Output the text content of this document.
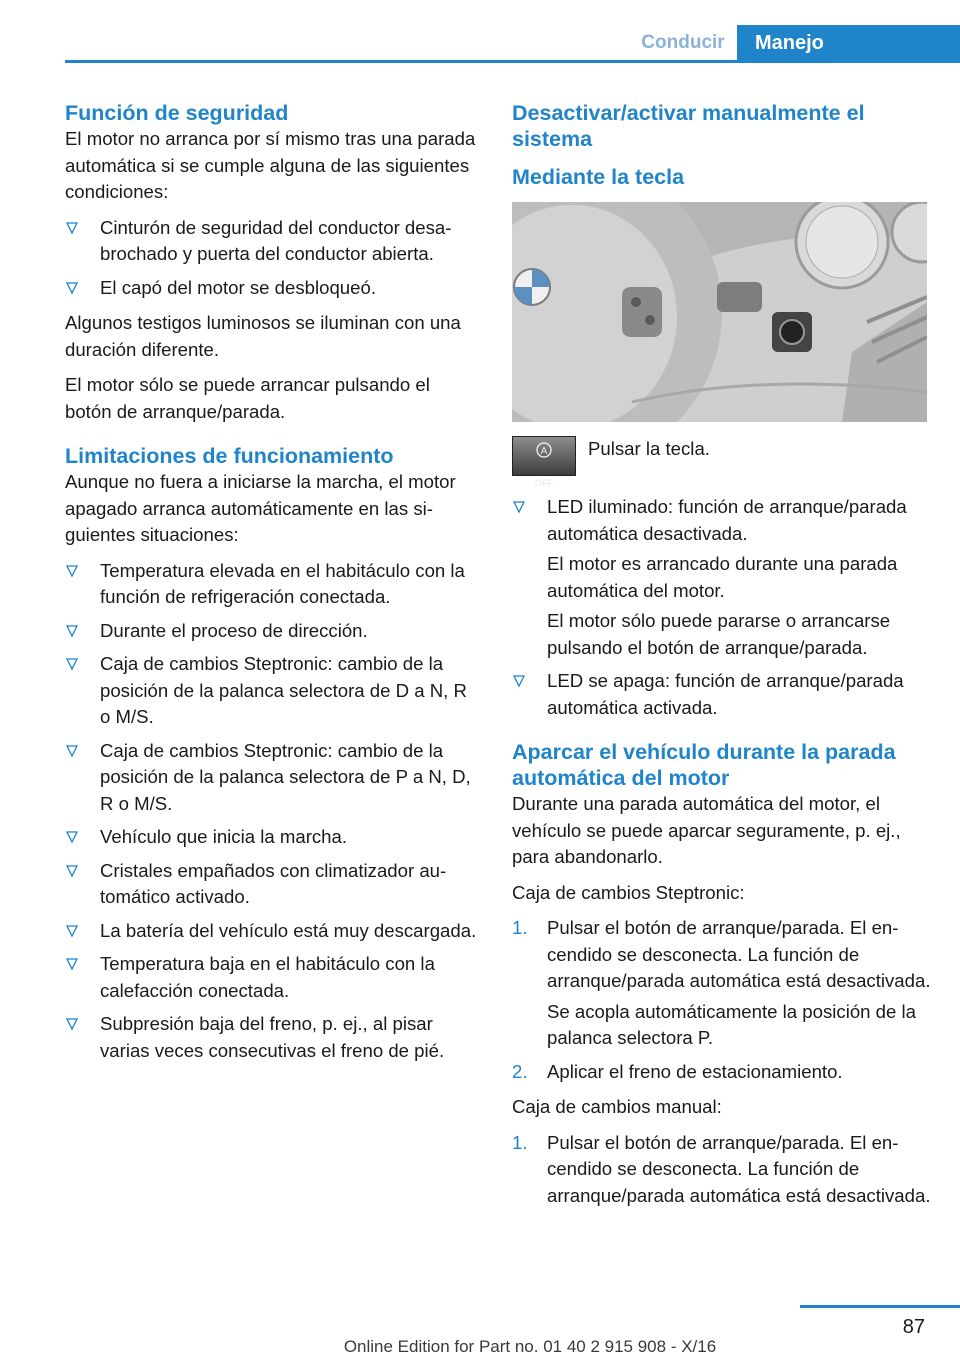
Conducir	Manejo
Función de seguridad

El motor no arranca por sí mismo tras una parada automática si se cumple alguna de las siguientes condiciones:

Cinturón de seguridad del conductor desabrochado y puerta del conductor abierta.
El capó del motor se desbloqueó.

Algunos testigos luminosos se iluminan con una duración diferente.

El motor sólo se puede arrancar pulsando el botón de arranque/parada.

Limitaciones de funcionamiento

Aunque no fuera a iniciarse la marcha, el motor apagado arranca automáticamente en las siguientes situaciones:

Temperatura elevada en el habitáculo con la función de refrigeración conectada.
Durante el proceso de dirección.
Caja de cambios Steptronic: cambio de la posición de la palanca selectora de D a N, R o M/S.
Caja de cambios Steptronic: cambio de la posición de la palanca selectora de P a N, D, R o M/S.
Vehículo que inicia la marcha.
Cristales empañados con climatizador automático activado.
La batería del vehículo está muy descargada.
Temperatura baja en el habitáculo con la calefacción conectada.
Subpresión baja del freno, p. ej., al pisar varias veces consecutivas el freno de pié.
Desactivar/activar manualmente el sistema
Mediante la tecla
A
OFF
Pulsar la tecla.
LED iluminado: función de arranque/parada automática desactivada.

El motor es arrancado durante una parada automática del motor.

El motor sólo puede pararse o arrancarse pulsando el botón de arranque/parada.

LED se apaga: función de arranque/parada automática activada.
Aparcar el vehículo durante la parada automática del motor

Durante una parada automática del motor, el vehículo se puede aparcar seguramente, p. ej., para abandonarlo.

Caja de cambios Steptronic:

1. Pulsar el botón de arranque/parada. El encendido se desconecta. La función de arranque/parada automática está desactivada.

Se acopla automáticamente la posición de la palanca selectora P.

2. Aplicar el freno de estacionamiento.

Caja de cambios manual:

1. Pulsar el botón de arranque/parada. El encendido se desconecta. La función de arranque/parada automática está desactivada.
87
Online Edition for Part no. 01 40 2 915 908 - X/16
